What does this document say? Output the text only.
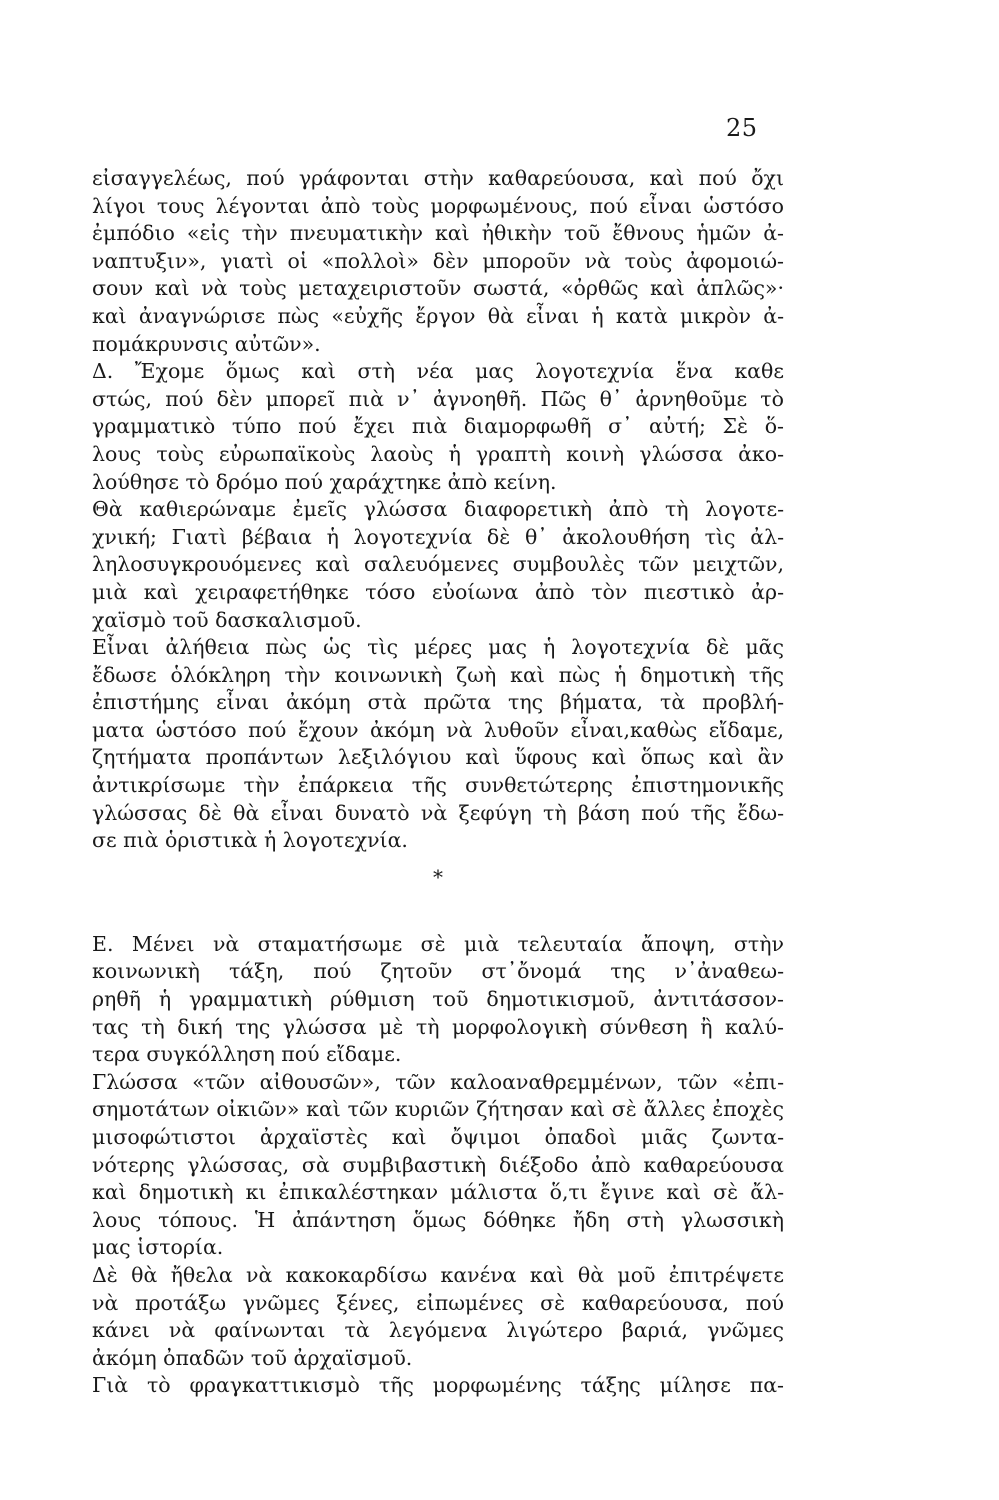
25
εἰσαγγελέως, πού γράφονται στὴν καθαρεύουσα, καὶ πού ὄχι
λίγοι τους λέγονται ἀπὸ τοὺς μορφωμένους, πού εἶναι ὡστόσο
ἐμπόδιο «εἰς τὴν πνευματικὴν καὶ ἠθικὴν τοῦ ἔθνους ἡμῶν ἀ-
ναπτυξιν», γιατὶ οἱ «πολλοὶ» δὲν μποροῦν νὰ τοὺς ἀφομοιώ-
σουν καὶ νὰ τοὺς μεταχειριστοῦν σωστά, «ὀρθῶς καὶ ἁπλῶς»·
καὶ ἀναγνώρισε πὼς «εὐχῆς ἔργον θὰ εἶναι ἡ κατὰ μικρὸν ἀ-
πομάκρυνσις αὐτῶν».
Δ. Ἔχομε ὅμως καὶ στὴ νέα μας λογοτεχνία ἕνα καθε
στώς, πού δὲν μπορεῖ πιὰ ν᾽ ἀγνοηθῆ. Πῶς θ᾽ ἀρνηθοῦμε τὸ
γραμματικὸ τύπο πού ἔχει πιὰ διαμορφωθῆ σ᾽ αὐτή; Σὲ ὅ-
λους τοὺς εὐρωπαϊκοὺς λαοὺς ἡ γραπτὴ κοινὴ γλώσσα ἀκο-
λούθησε τὸ δρόμο πού χαράχτηκε ἀπὸ κείνη.
Θὰ καθιερώναμε ἐμεῖς γλώσσα διαφορετικὴ ἀπὸ τὴ λογοτε-
χνική; Γιατὶ βέβαια ἡ λογοτεχνία δὲ θ᾽ ἀκολουθήση τὶς ἀλ-
ληλοσυγκρουόμενες καὶ σαλευόμενες συμβουλὲς τῶν μειχτῶν,
μιὰ καὶ χειραφετήθηκε τόσο εὐοίωνα ἀπὸ τὸν πιεστικὸ ἀρ-
χαϊσμὸ τοῦ δασκαλισμοῦ.
Εἶναι ἀλήθεια πὼς ὡς τὶς μέρες μας ἡ λογοτεχνία δὲ μᾶς
ἔδωσε ὁλόκληρη τὴν κοινωνικὴ ζωὴ καὶ πὼς ἡ δημοτικὴ τῆς
ἐπιστήμης εἶναι ἀκόμη στὰ πρῶτα της βήματα, τὰ προβλή-
ματα ὡστόσο πού ἔχουν ἀκόμη νὰ λυθοῦν εἶναι,καθὼς εἴδαμε,
ζητήματα προπάντων λεξιλόγιου καὶ ὕφους καὶ ὅπως καὶ ἂν
ἀντικρίσωμε τὴν ἐπάρκεια τῆς συνθετώτερης ἐπιστημονικῆς
γλώσσας δὲ θὰ εἶναι δυνατὸ νὰ ξεφύγη τὴ βάση πού τῆς ἔδω-
σε πιὰ ὁριστικὰ ἡ λογοτεχνία.
*
Ε. Μένει νὰ σταματήσωμε σὲ μιὰ τελευταία ἄποψη, στὴν
κοινωνικὴ τάξη, πού ζητοῦν στ᾽ὄνομά της ν᾽ἀναθεω-
ρηθῆ ἡ γραμματικὴ ρύθμιση τοῦ δημοτικισμοῦ, ἀντιτάσσον-
τας τὴ δική της γλώσσα μὲ τὴ μορφολογικὴ σύνθεση ἢ καλύ-
τερα συγκόλληση πού εἴδαμε.
Γλώσσα «τῶν αἰθουσῶν», τῶν καλοαναθρεμμένων, τῶν «ἐπι-
σημοτάτων οἰκιῶν» καὶ τῶν κυριῶν ζήτησαν καὶ σὲ ἄλλες ἐποχὲς
μισοφώτιστοι ἀρχαϊστὲς καὶ ὄψιμοι ὀπαδοὶ μιᾶς ζωντα-
νότερης γλώσσας, σὰ συμβιβαστικὴ διέξοδο ἀπὸ καθαρεύουσα
καὶ δημοτικὴ κι ἐπικαλέστηκαν μάλιστα ὅ,τι ἔγινε καὶ σὲ ἄλ-
λους τόπους. Ἡ ἀπάντηση ὅμως δόθηκε ἤδη στὴ γλωσσικὴ
μας ἱστορία.
Δὲ θὰ ἤθελα νὰ κακοκαρδίσω κανένα καὶ θὰ μοῦ ἐπιτρέψετε
νὰ προτάξω γνῶμες ξένες, εἰπωμένες σὲ καθαρεύουσα, πού
κάνει νὰ φαίνωνται τὰ λεγόμενα λιγώτερο βαριά, γνῶμες
ἀκόμη ὀπαδῶν τοῦ ἀρχαϊσμοῦ.
Γιὰ τὸ φραγκαττικισμὸ τῆς μορφωμένης τάξης μίλησε πα-
